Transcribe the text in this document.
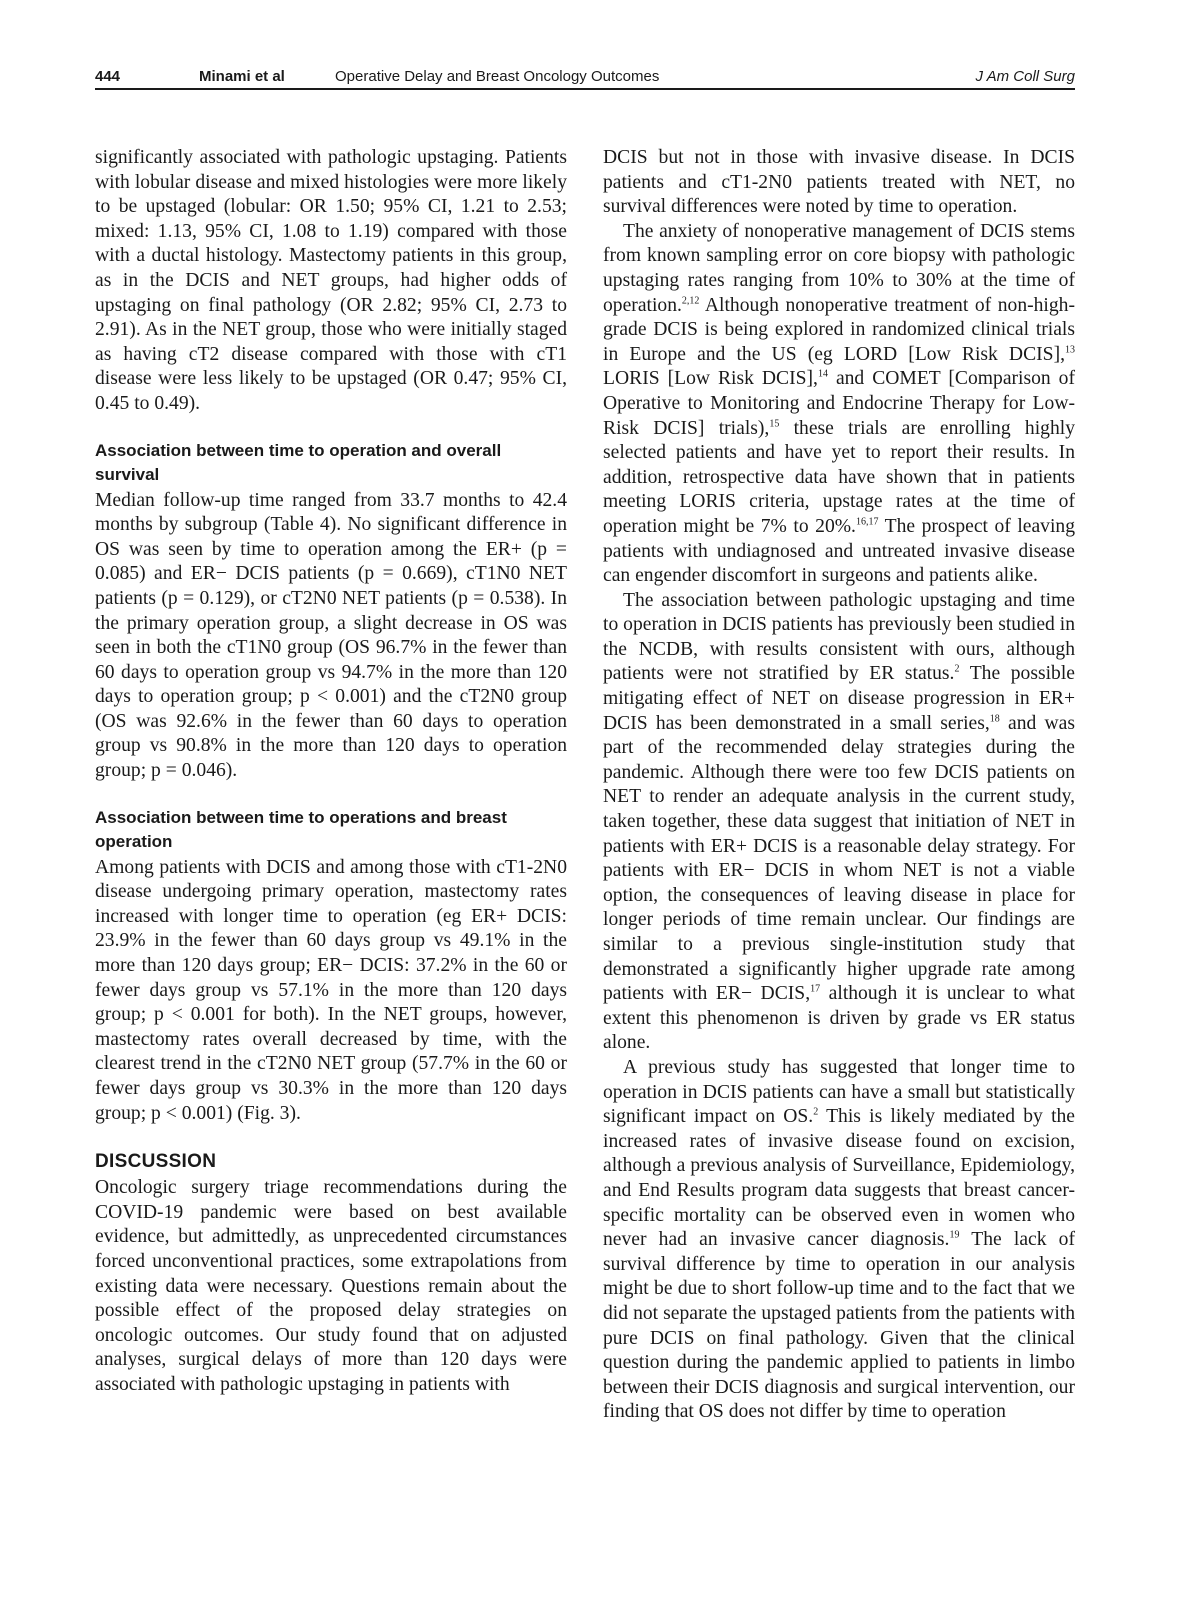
444	Minami et al	Operative Delay and Breast Oncology Outcomes	J Am Coll Surg

significantly associated with pathologic upstaging. Patients with lobular disease and mixed histologies were more likely to be upstaged (lobular: OR 1.50; 95% CI, 1.21 to 2.53; mixed: 1.13, 95% CI, 1.08 to 1.19) compared with those with a ductal histology. Mastectomy patients in this group, as in the DCIS and NET groups, had higher odds of upstaging on final pathology (OR 2.82; 95% CI, 2.73 to 2.91). As in the NET group, those who were initially staged as having cT2 disease compared with those with cT1 disease were less likely to be upstaged (OR 0.47; 95% CI, 0.45 to 0.49).

Association between time to operation and overall survival

Median follow-up time ranged from 33.7 months to 42.4 months by subgroup (Table 4). No significant difference in OS was seen by time to operation among the ER+ (p = 0.085) and ER− DCIS patients (p = 0.669), cT1N0 NET patients (p = 0.129), or cT2N0 NET patients (p = 0.538). In the primary operation group, a slight decrease in OS was seen in both the cT1N0 group (OS 96.7% in the fewer than 60 days to operation group vs 94.7% in the more than 120 days to operation group; p < 0.001) and the cT2N0 group (OS was 92.6% in the fewer than 60 days to operation group vs 90.8% in the more than 120 days to operation group; p = 0.046).

Association between time to operations and breast operation

Among patients with DCIS and among those with cT1-2N0 disease undergoing primary operation, mastectomy rates increased with longer time to operation (eg ER+ DCIS: 23.9% in the fewer than 60 days group vs 49.1% in the more than 120 days group; ER− DCIS: 37.2% in the 60 or fewer days group vs 57.1% in the more than 120 days group; p < 0.001 for both). In the NET groups, however, mastectomy rates overall decreased by time, with the clearest trend in the cT2N0 NET group (57.7% in the 60 or fewer days group vs 30.3% in the more than 120 days group; p < 0.001) (Fig. 3).

DISCUSSION

Oncologic surgery triage recommendations during the COVID-19 pandemic were based on best available evidence, but admittedly, as unprecedented circumstances forced unconventional practices, some extrapolations from existing data were necessary. Questions remain about the possible effect of the proposed delay strategies on oncologic outcomes. Our study found that on adjusted analyses, surgical delays of more than 120 days were associated with pathologic upstaging in patients with

DCIS but not in those with invasive disease. In DCIS patients and cT1-2N0 patients treated with NET, no survival differences were noted by time to operation.

The anxiety of nonoperative management of DCIS stems from known sampling error on core biopsy with pathologic upstaging rates ranging from 10% to 30% at the time of operation.$^{2,12}$ Although nonoperative treatment of non-high-grade DCIS is being explored in randomized clinical trials in Europe and the US (eg LORD [Low Risk DCIS],$^{13}$ LORIS [Low Risk DCIS],$^{14}$ and COMET [Comparison of Operative to Monitoring and Endocrine Therapy for Low-Risk DCIS] trials),$^{15}$ these trials are enrolling highly selected patients and have yet to report their results. In addition, retrospective data have shown that in patients meeting LORIS criteria, upstage rates at the time of operation might be 7% to 20%.$^{16,17}$ The prospect of leaving patients with undiagnosed and untreated invasive disease can engender discomfort in surgeons and patients alike.

The association between pathologic upstaging and time to operation in DCIS patients has previously been studied in the NCDB, with results consistent with ours, although patients were not stratified by ER status.$^2$ The possible mitigating effect of NET on disease progression in ER+ DCIS has been demonstrated in a small series,$^{18}$ and was part of the recommended delay strategies during the pandemic. Although there were too few DCIS patients on NET to render an adequate analysis in the current study, taken together, these data suggest that initiation of NET in patients with ER+ DCIS is a reasonable delay strategy. For patients with ER− DCIS in whom NET is not a viable option, the consequences of leaving disease in place for longer periods of time remain unclear. Our findings are similar to a previous single-institution study that demonstrated a significantly higher upgrade rate among patients with ER− DCIS,$^{17}$ although it is unclear to what extent this phenomenon is driven by grade vs ER status alone.

A previous study has suggested that longer time to operation in DCIS patients can have a small but statistically significant impact on OS.$^2$ This is likely mediated by the increased rates of invasive disease found on excision, although a previous analysis of Surveillance, Epidemiology, and End Results program data suggests that breast cancer-specific mortality can be observed even in women who never had an invasive cancer diagnosis.$^{19}$ The lack of survival difference by time to operation in our analysis might be due to short follow-up time and to the fact that we did not separate the upstaged patients from the patients with pure DCIS on final pathology. Given that the clinical question during the pandemic applied to patients in limbo between their DCIS diagnosis and surgical intervention, our finding that OS does not differ by time to operation
